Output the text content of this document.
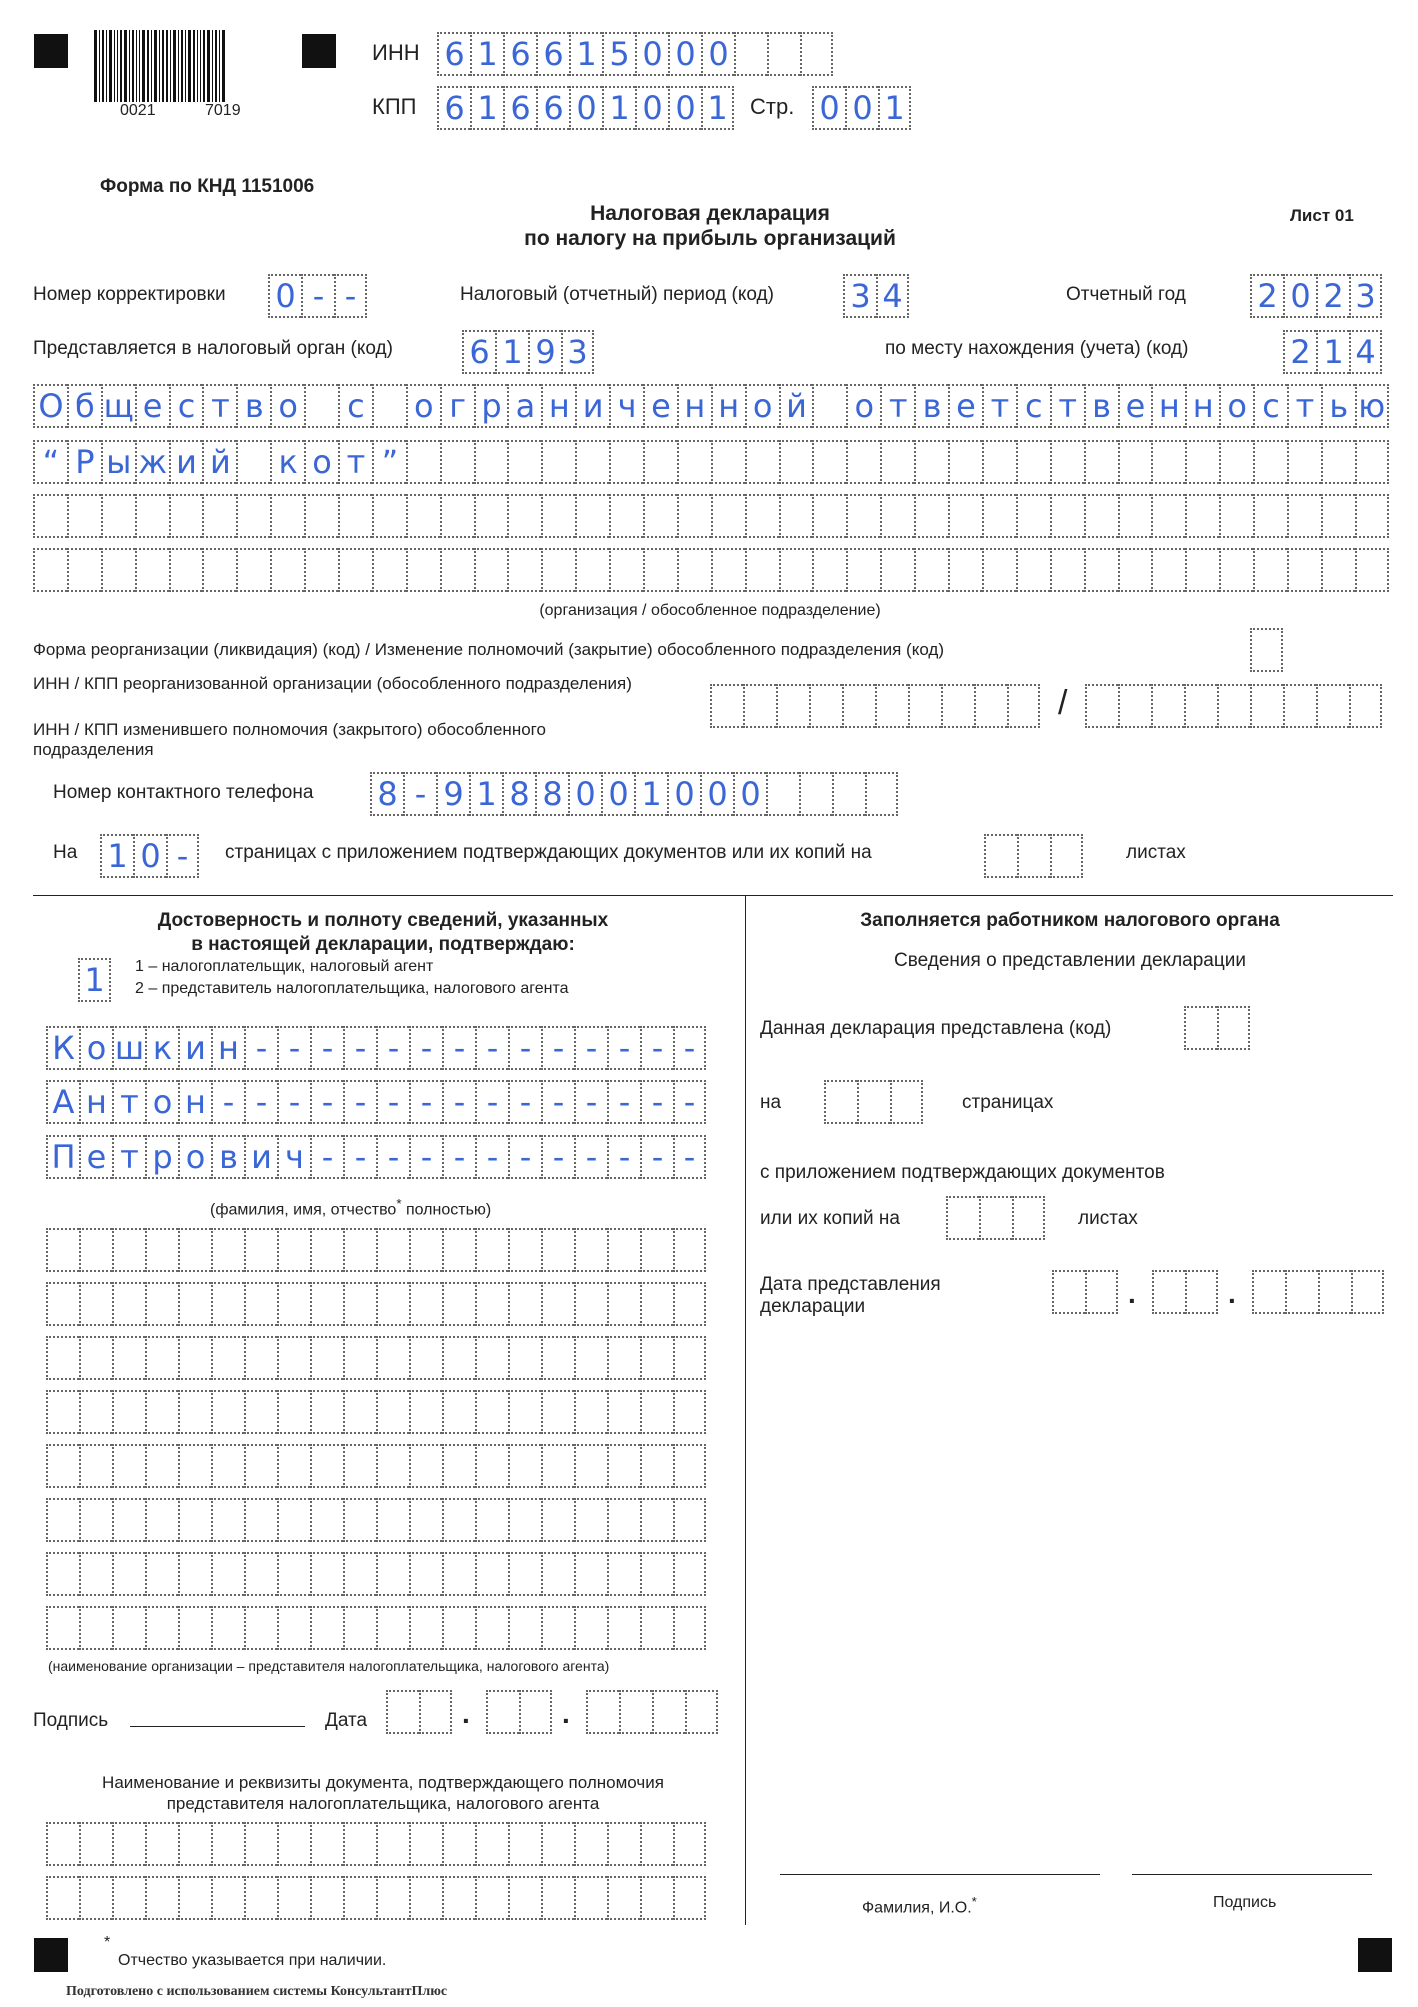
0021	7019
ИНН 6 1 6 6 1 5 0 0 0
КПП 6 1 6 6 0 1 0 0 1 Стр. 0 0 1
Форма по КНД 1151006
Налоговая декларация
по налогу на прибыль организаций
Лист 01
Номер корректировки 0 - -	Налоговый (отчетный) период (код) 3 4	Отчетный год 2 0 2 3
Представляется в налоговый орган (код) 6 1 9 3	по месту нахождения (учета) (код)	2 1 4
О б щ е с т в о с о г р а н и ч е н н о й о т в е т с т в е н н о с т ь ю
“ Р ы ж и й к о т ”
(организация / обособленное подразделение)
Форма реорганизации (ликвидация) (код) / Изменение полномочий (закрытие) обособленного подразделения (код)
ИНН / КПП реорганизованной организации (обособленного подразделения)
ИНН / КПП изменившего полномочия (закрытого) обособленного подразделения
/
Номер контактного телефона 8 - 9 1 8 8 0 0 1 0 0 0
На 1 0 -	страницах с приложением подтверждающих документов или их копий на	листах
Достоверность и полноту сведений, указанных
в настоящей декларации, подтверждаю:
1	1 – налогоплательщик, налоговый агент
2 – представитель налогоплательщика, налогового агента
К о ш к и н - - - - - - - - - - - - - -
А н т о н - - - - - - - - - - - - - - -
П е т р о в и ч - - - - - - - - - - - -
(фамилия, имя, отчество* полностью)
(наименование организации – представителя налогоплательщика, налогового агента)
Подпись	Дата	.	.
Наименование и реквизиты документа, подтверждающего полномочия
представителя налогоплательщика, налогового агента
Заполняется работником налогового органа
Сведения о представлении декларации
Данная декларация представлена (код)
на	страницах
с приложением подтверждающих документов
или их копий на	листах
Дата представления
декларации	.	.
Фамилия, И.О.*	Подпись
*
Отчество указывается при наличии.
Подготовлено с использованием системы КонсультантПлюс
